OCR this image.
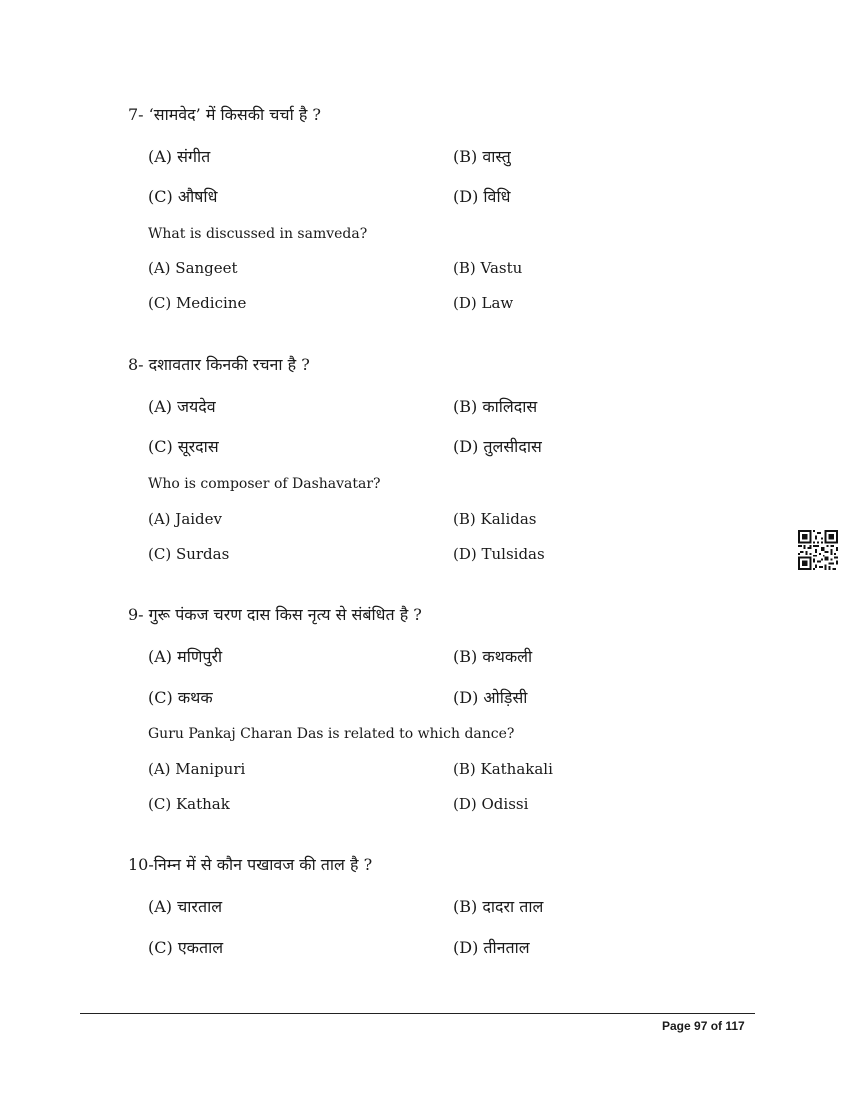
7- ‘सामवेद’ में किसकी चर्चा है ?
(A) संगीत	(B) वास्तु
(C) औषधि	(D) विधि
What is discussed in samveda?
(A) Sangeet	(B) Vastu
(C) Medicine	(D) Law
8- दशावतार किनकी रचना है ?
(A) जयदेव	(B) कालिदास
(C) सूरदास	(D) तुलसीदास
Who is composer of Dashavatar?
(A) Jaidev	(B) Kalidas
(C) Surdas	(D) Tulsidas
9- गुरू पंकज चरण दास किस नृत्य से संबंधित है ?
(A) मणिपुरी	(B) कथकली
(C) कथक	(D) ओड़िसी
Guru Pankaj Charan Das is related to which dance?
(A) Manipuri	(B) Kathakali
(C) Kathak	(D) Odissi
10-निम्न में से कौन पखावज की ताल है ?
(A) चारताल	(B) दादरा ताल
(C) एकताल	(D) तीनताल
Page 97 of 117
